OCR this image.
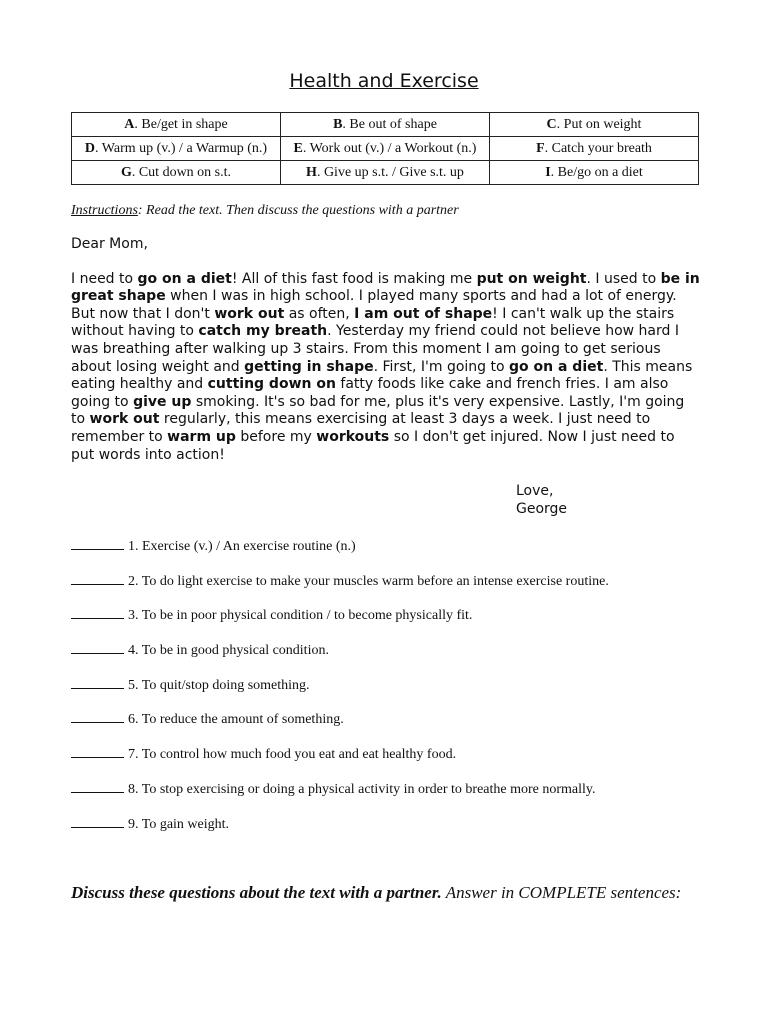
Health and Exercise
A. Be/get in shape	B. Be out of shape	C. Put on weight
D. Warm up (v.) / a Warmup (n.)	E. Work out (v.) / a Workout (n.)	F. Catch your breath
G. Cut down on s.t.	H. Give up s.t. / Give s.t. up	I. Be/go on a diet
Instructions: Read the text. Then discuss the questions with a partner

Dear Mom,

I need to go on a diet! All of this fast food is making me put on weight. I used to be in great shape when I was in high school. I played many sports and had a lot of energy. But now that I don't work out as often, I am out of shape! I can't walk up the stairs without having to catch my breath. Yesterday my friend could not believe how hard I was breathing after walking up 3 stairs. From this moment I am going to get serious about losing weight and getting in shape. First, I'm going to go on a diet. This means eating healthy and cutting down on fatty foods like cake and french fries. I am also going to give up smoking. It's so bad for me, plus it's very expensive. Lastly, I'm going to work out regularly, this means exercising at least 3 days a week. I just need to remember to warm up before my workouts so I don't get injured. Now I just need to put words into action!

Love,
George
1. Exercise (v.) / An exercise routine (n.)
2. To do light exercise to make your muscles warm before an intense exercise routine.
3. To be in poor physical condition / to become physically fit.
4. To be in good physical condition.
5. To quit/stop doing something.
6. To reduce the amount of something.
7. To control how much food you eat and eat healthy food.
8. To stop exercising or doing a physical activity in order to breathe more normally.
9. To gain weight.
Discuss these questions about the text with a partner. Answer in COMPLETE sentences:
